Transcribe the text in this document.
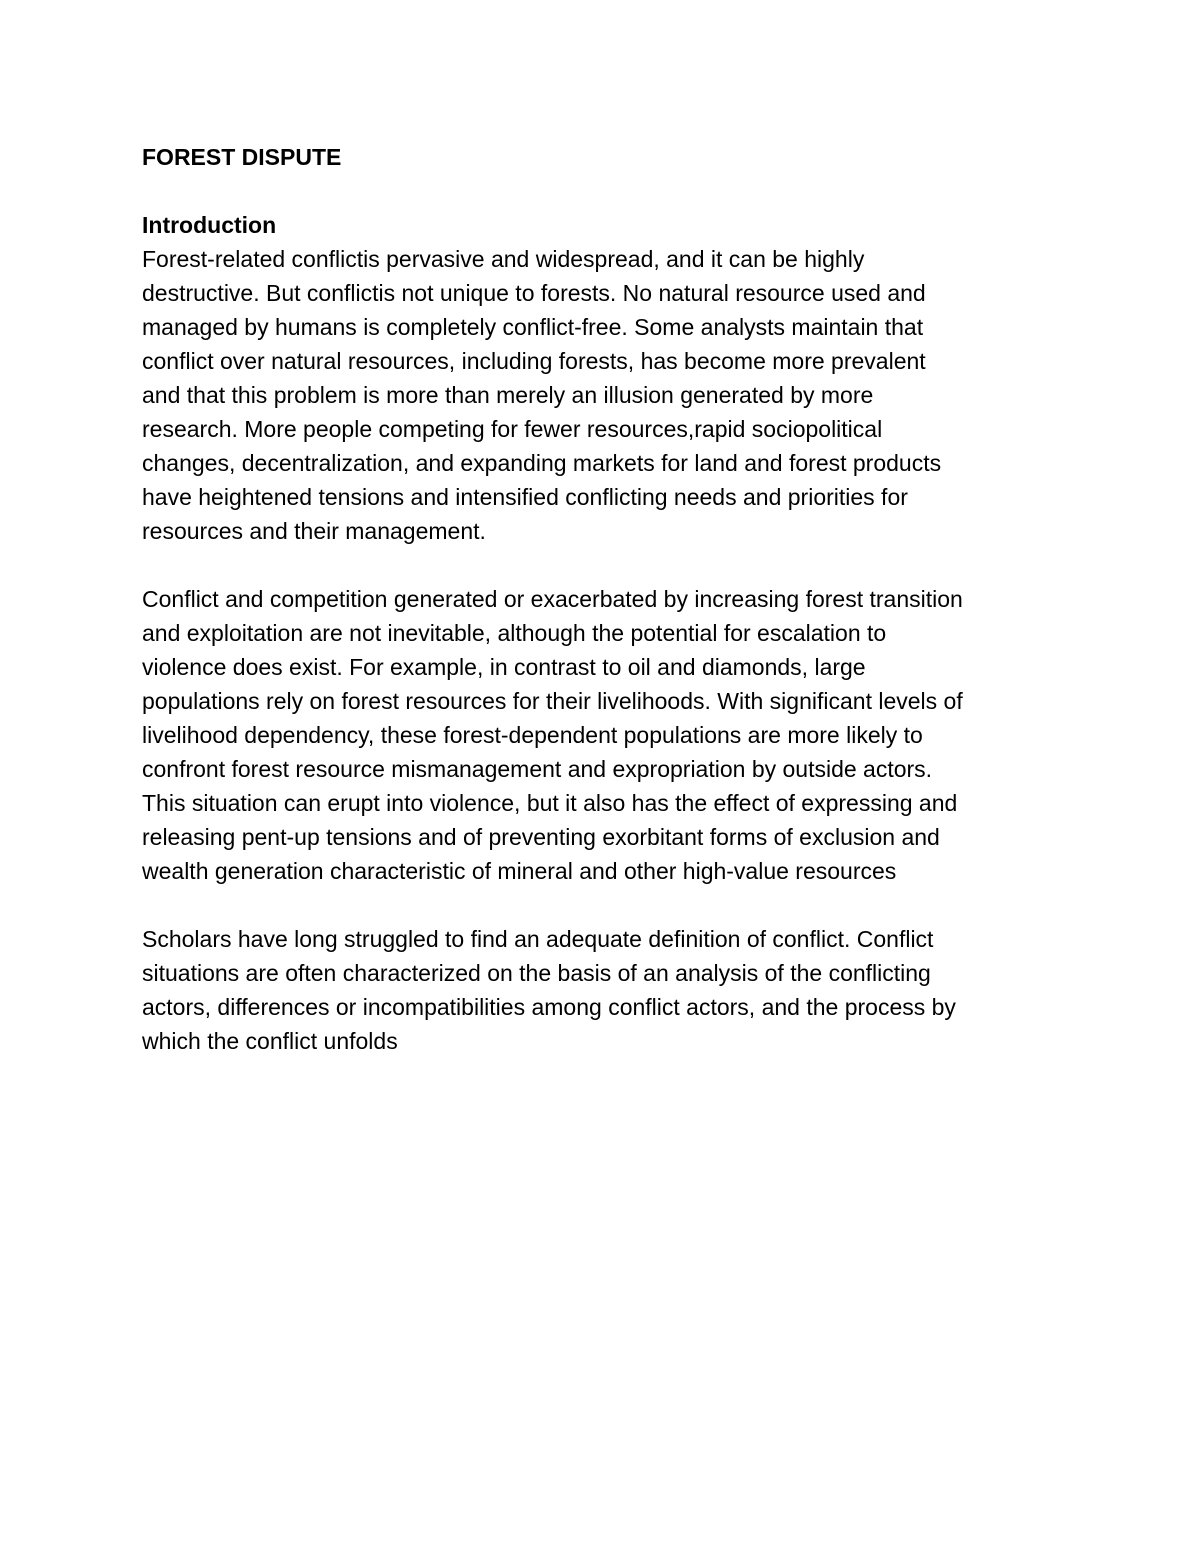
FOREST DISPUTE

Introduction

Forest-related conflictis pervasive and widespread, and it can be highly
destructive. But conflictis not unique to forests. No natural resource used and
managed by humans is completely conflict-free. Some analysts maintain that
conflict over natural resources, including forests, has become more prevalent
and that this problem is more than merely an illusion generated by more
research. More people competing for fewer resources,rapid sociopolitical
changes, decentralization, and expanding markets for land and forest products
have heightened tensions and intensified conflicting needs and priorities for
resources and their management.
Conflict and competition generated or exacerbated by increasing forest transition
and exploitation are not inevitable, although the potential for escalation to
violence does exist. For example, in contrast to oil and diamonds, large
populations rely on forest resources for their livelihoods. With significant levels of
livelihood dependency, these forest-dependent populations are more likely to
confront forest resource mismanagement and expropriation by outside actors.
This situation can erupt into violence, but it also has the effect of expressing and
releasing pent-up tensions and of preventing exorbitant forms of exclusion and
wealth generation characteristic of mineral and other high-value resources
Scholars have long struggled to find an adequate definition of conflict. Conflict
situations are often characterized on the basis of an analysis of the conflicting
actors, differences or incompatibilities among conflict actors, and the process by
which the conflict unfolds
